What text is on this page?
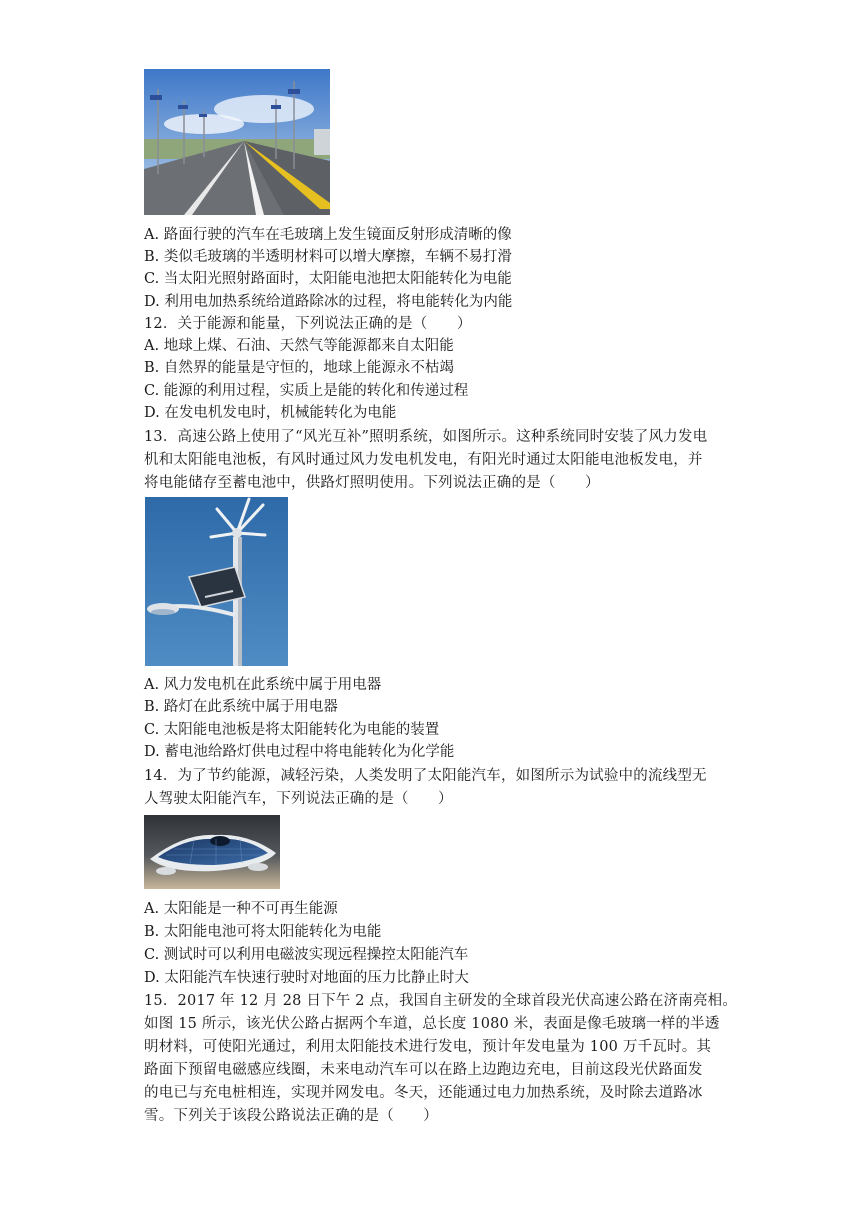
A. 路面行驶的汽车在毛玻璃上发生镜面反射形成清晰的像
B. 类似毛玻璃的半透明材料可以增大摩擦，车辆不易打滑
C. 当太阳光照射路面时，太阳能电池把太阳能转化为电能
D. 利用电加热系统给道路除冰的过程，将电能转化为内能
12．关于能源和能量，下列说法正确的是（　　）
A. 地球上煤、石油、天然气等能源都来自太阳能
B. 自然界的能量是守恒的，地球上能源永不枯竭
C. 能源的利用过程，实质上是能的转化和传递过程
D. 在发电机发电时，机械能转化为电能
13．高速公路上使用了“风光互补”照明系统，如图所示。这种系统同时安装了风力发电
机和太阳能电池板，有风时通过风力发电机发电，有阳光时通过太阳能电池板发电，并
将电能储存至蓄电池中，供路灯照明使用。下列说法正确的是（　　）
A. 风力发电机在此系统中属于用电器
B. 路灯在此系统中属于用电器
C. 太阳能电池板是将太阳能转化为电能的装置
D. 蓄电池给路灯供电过程中将电能转化为化学能
14．为了节约能源，减轻污染，人类发明了太阳能汽车，如图所示为试验中的流线型无
人驾驶太阳能汽车，下列说法正确的是（　　）
A. 太阳能是一种不可再生能源
B. 太阳能电池可将太阳能转化为电能
C. 测试时可以利用电磁波实现远程操控太阳能汽车
D. 太阳能汽车快速行驶时对地面的压力比静止时大
15．2017 年 12 月 28 日下午 2 点，我国自主研发的全球首段光伏高速公路在济南亮相。
如图 15 所示，该光伏公路占据两个车道，总长度 1080 米，表面是像毛玻璃一样的半透
明材料，可使阳光通过，利用太阳能技术进行发电，预计年发电量为 100 万千瓦时。其
路面下预留电磁感应线圈，未来电动汽车可以在路上边跑边充电，目前这段光伏路面发
的电已与充电桩相连，实现并网发电。冬天，还能通过电力加热系统，及时除去道路冰
雪。下列关于该段公路说法正确的是（　　）
